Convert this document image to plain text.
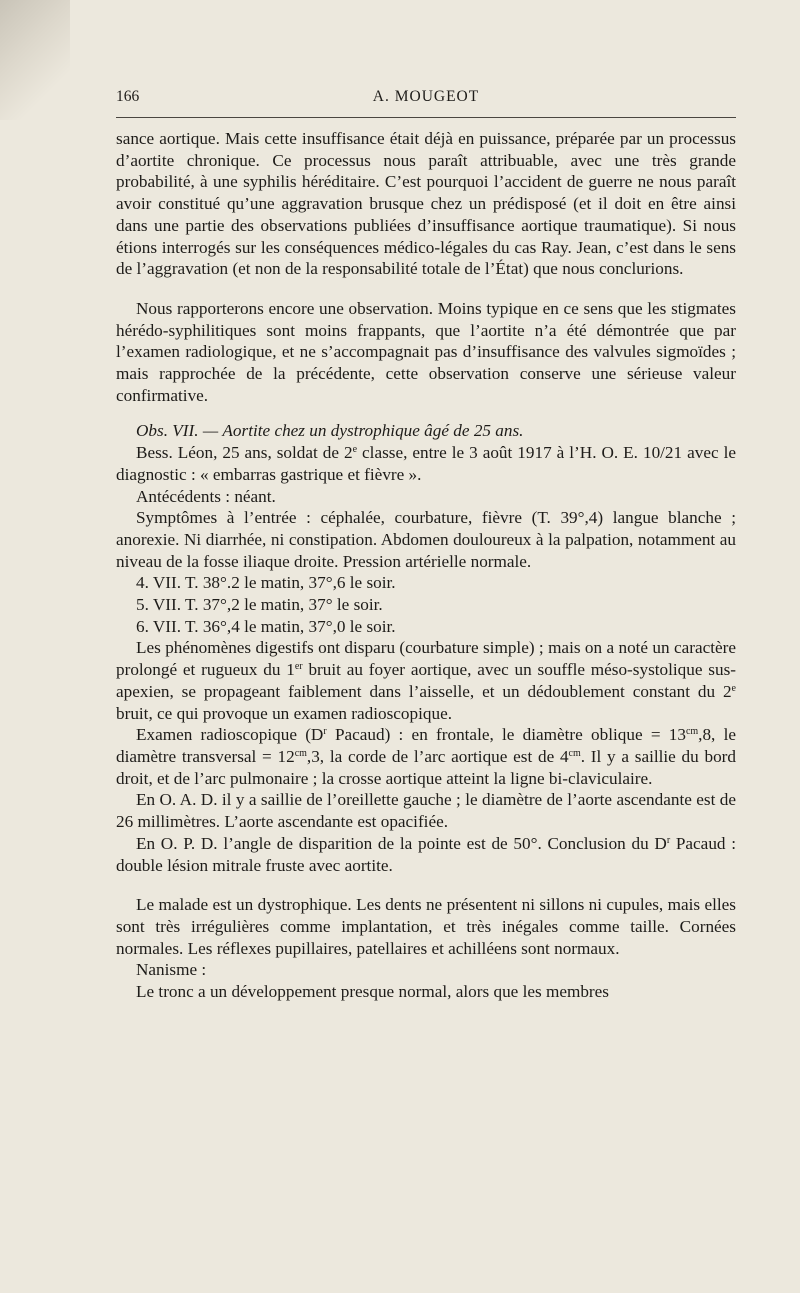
166	A. MOUGEOT

sance aortique. Mais cette insuffisance était déjà en puissance, préparée par un processus d’aortite chronique. Ce processus nous paraît attribuable, avec une très grande probabilité, à une syphilis héréditaire. C’est pourquoi l’accident de guerre ne nous paraît avoir constitué qu’une aggravation brusque chez un prédisposé (et il doit en être ainsi dans une partie des observations publiées d’insuffisance aortique traumatique). Si nous étions interrogés sur les conséquences médico-légales du cas Ray. Jean, c’est dans le sens de l’aggravation (et non de la responsabilité totale de l’État) que nous conclurions.

Nous rapporterons encore une observation. Moins typique en ce sens que les stigmates hérédo-syphilitiques sont moins frappants, que l’aortite n’a été démontrée que par l’examen radiologique, et ne s’accompagnait pas d’insuffisance des valvules sigmoïdes ; mais rapprochée de la précédente, cette observation conserve une sérieuse valeur confirmative.

Obs. VII. — Aortite chez un dystrophique âgé de 25 ans.

Bess. Léon, 25 ans, soldat de 2e classe, entre le 3 août 1917 à l’H. O. E. 10/21 avec le diagnostic : « embarras gastrique et fièvre ».

Antécédents : néant.

Symptômes à l’entrée : céphalée, courbature, fièvre (T. 39°,4) langue blanche ; anorexie. Ni diarrhée, ni constipation. Abdomen douloureux à la palpation, notamment au niveau de la fosse iliaque droite. Pression artérielle normale.

4. VII. T. 38°.2 le matin, 37°,6 le soir.

5. VII. T. 37°,2 le matin, 37° le soir.

6. VII. T. 36°,4 le matin, 37°,0 le soir.

Les phénomènes digestifs ont disparu (courbature simple) ; mais on a noté un caractère prolongé et rugueux du 1er bruit au foyer aortique, avec un souffle méso-systolique sus-apexien, se propageant faiblement dans l’aisselle, et un dédoublement constant du 2e bruit, ce qui provoque un examen radioscopique.

Examen radioscopique ($D^r$ Pacaud) : en frontale, le diamètre oblique = $13^{cm},8$, le diamètre transversal = $12^{cm},3$, la corde de l’arc aortique est de $4^{cm}$. Il y a saillie du bord droit, et de l’arc pulmonaire ; la crosse aortique atteint la ligne bi-claviculaire.

En O. A. D. il y a saillie de l’oreillette gauche ; le diamètre de l’aorte ascendante est de 26 millimètres. L’aorte ascendante est opacifiée.

En O. P. D. l’angle de disparition de la pointe est de 50°. Conclusion du $D^r$ Pacaud : double lésion mitrale fruste avec aortite.

Le malade est un dystrophique. Les dents ne présentent ni sillons ni cupules, mais elles sont très irrégulières comme implantation, et très inégales comme taille. Cornées normales. Les réflexes pupillaires, patellaires et achilléens sont normaux.

Nanisme :

Le tronc a un développement presque normal, alors que les membres
